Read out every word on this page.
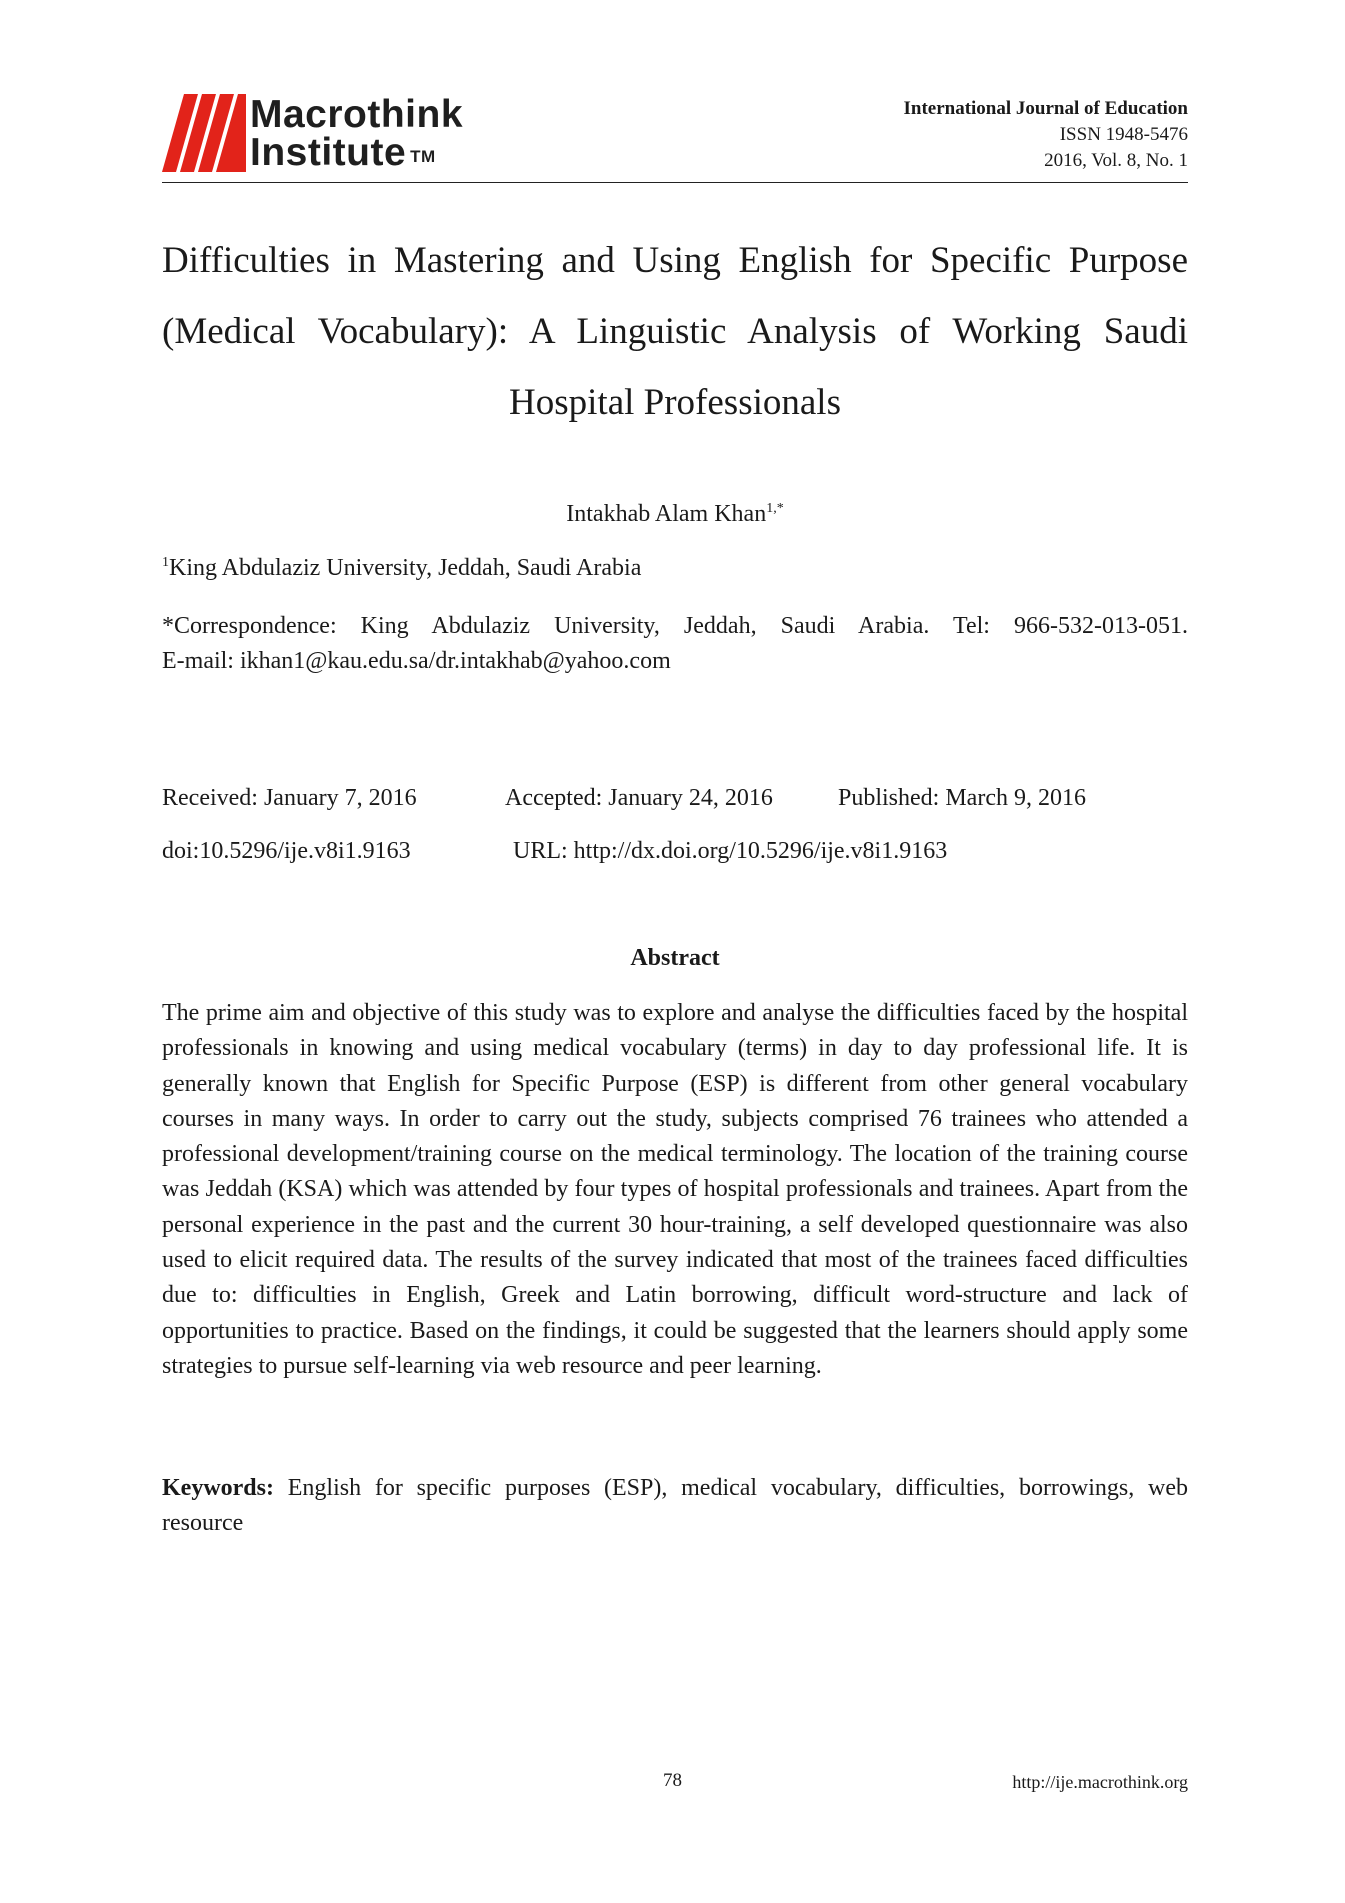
Macrothink
Institute ™
International Journal of Education
ISSN 1948-5476
2016, Vol. 8, No. 1
Difficulties in Mastering and Using English for Specific Purpose
(Medical Vocabulary): A Linguistic Analysis of Working Saudi
Hospital Professionals
Intakhab Alam Khan$^{1,*}$
$^1$King Abdulaziz University, Jeddah, Saudi Arabia
*Correspondence: King Abdulaziz University, Jeddah, Saudi Arabia. Tel: 966-532-013-051.
E-mail: ikhan1@kau.edu.sa/dr.intakhab@yahoo.com
Received: January 7, 2016	Accepted: January 24, 2016	Published: March 9, 2016
doi:10.5296/ije.v8i1.9163	URL: http://dx.doi.org/10.5296/ije.v8i1.9163
Abstract

The prime aim and objective of this study was to explore and analyse the difficulties faced by the hospital professionals in knowing and using medical vocabulary (terms) in day to day professional life. It is generally known that English for Specific Purpose (ESP) is different from other general vocabulary courses in many ways. In order to carry out the study, subjects comprised 76 trainees who attended a professional development/training course on the medical terminology. The location of the training course was Jeddah (KSA) which was attended by four types of hospital professionals and trainees. Apart from the personal experience in the past and the current 30 hour-training, a self developed questionnaire was also used to elicit required data. The results of the survey indicated that most of the trainees faced difficulties due to: difficulties in English, Greek and Latin borrowing, difficult word-structure and lack of opportunities to practice. Based on the findings, it could be suggested that the learners should apply some strategies to pursue self-learning via web resource and peer learning.

Keywords: English for specific purposes (ESP), medical vocabulary, difficulties, borrowings, web resource

78	http://ije.macrothink.org
